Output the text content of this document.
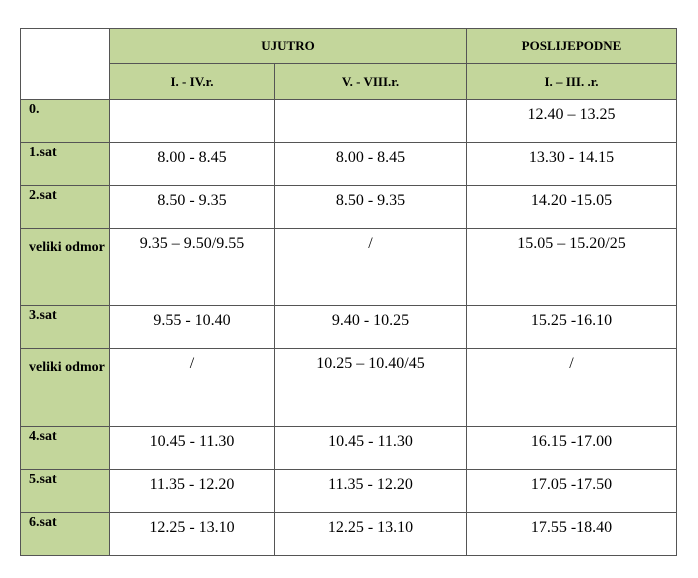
	UJUTRO		POSLIJEPODNE
	I. - IV.r.	V. - VIII.r.	I. – III. .r.
0.			12.40 – 13.25
1.sat	8.00 - 8.45	8.00 - 8.45	13.30 - 14.15
2.sat	8.50 - 9.35	8.50 - 9.35	14.20 -15.05
veliki odmor	9.35 – 9.50/9.55	/	15.05 – 15.20/25
3.sat	9.55 - 10.40	9.40 - 10.25	15.25 -16.10
veliki odmor	/	10.25 – 10.40/45	/
4.sat	10.45 - 11.30	10.45 - 11.30	16.15 -17.00
5.sat	11.35 - 12.20	11.35 - 12.20	17.05 -17.50
6.sat	12.25 - 13.10	12.25 - 13.10	17.55 -18.40
